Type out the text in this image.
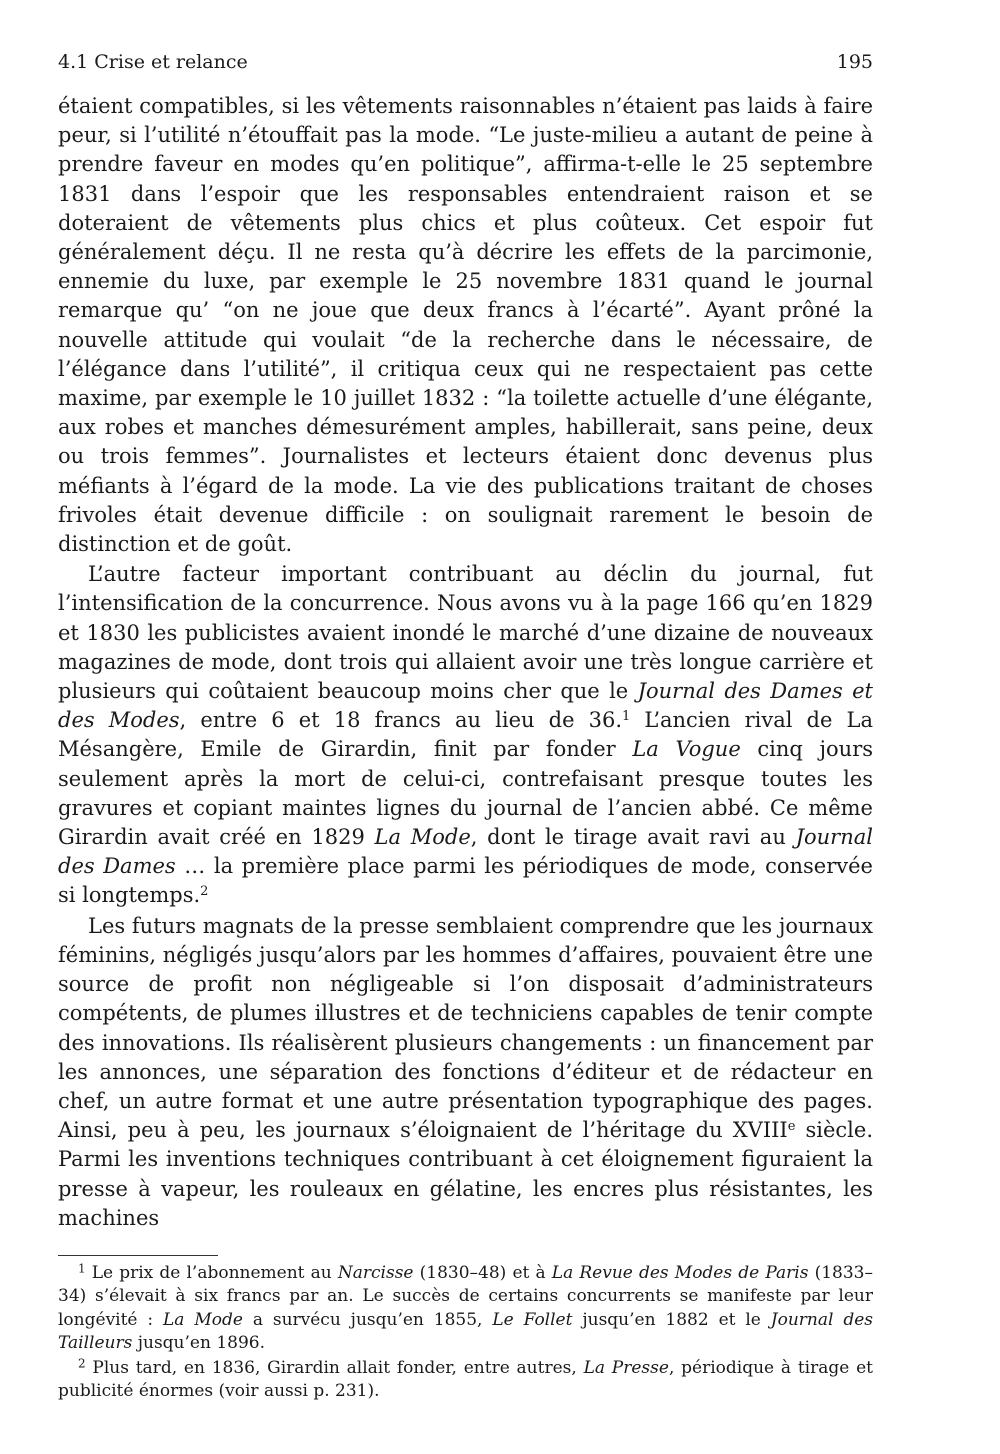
4.1 Crise et relance	195

étaient compatibles, si les vêtements raisonnables n’étaient pas laids à faire peur, si l’utilité n’étouffait pas la mode. “Le juste-milieu a autant de peine à prendre faveur en modes qu’en politique”, affirma-t-elle le 25 septembre 1831 dans l’espoir que les responsables entendraient raison et se doteraient de vêtements plus chics et plus coûteux. Cet espoir fut généralement déçu. Il ne resta qu’à décrire les effets de la parcimonie, ennemie du luxe, par exemple le 25 novembre 1831 quand le journal remarque qu’ “on ne joue que deux francs à l’écarté”. Ayant prôné la nouvelle attitude qui voulait “de la recherche dans le nécessaire, de l’élégance dans l’utilité”, il critiqua ceux qui ne respectaient pas cette maxime, par exemple le 10 juillet 1832 : “la toilette actuelle d’une élégante, aux robes et manches démesurément amples, habillerait, sans peine, deux ou trois femmes”. Journalistes et lecteurs étaient donc devenus plus méfiants à l’égard de la mode. La vie des publications traitant de choses frivoles était devenue difficile : on soulignait rarement le besoin de distinction et de goût.

L’autre facteur important contribuant au déclin du journal, fut l’intensification de la concurrence. Nous avons vu à la page 166 qu’en 1829 et 1830 les publicistes avaient inondé le marché d’une dizaine de nouveaux magazines de mode, dont trois qui allaient avoir une très longue carrière et plusieurs qui coûtaient beaucoup moins cher que le Journal des Dames et des Modes, entre 6 et 18 francs au lieu de 36.$^1$ L’ancien rival de La Mésangère, Emile de Girardin, finit par fonder La Vogue cinq jours seulement après la mort de celui-ci, contrefaisant presque toutes les gravures et copiant maintes lignes du journal de l’ancien abbé. Ce même Girardin avait créé en 1829 La Mode, dont le tirage avait ravi au Journal des Dames … la première place parmi les périodiques de mode, conservée si longtemps.$^2$

Les futurs magnats de la presse semblaient comprendre que les journaux féminins, négligés jusqu’alors par les hommes d’affaires, pouvaient être une source de profit non négligeable si l’on disposait d’administrateurs compétents, de plumes illustres et de techniciens capables de tenir compte des innovations. Ils réalisèrent plusieurs changements : un financement par les annonces, une séparation des fonctions d’éditeur et de rédacteur en chef, un autre format et une autre présentation typographique des pages. Ainsi, peu à peu, les journaux s’éloignaient de l’héritage du XVIIIe siècle. Parmi les inventions techniques contribuant à cet éloignement figuraient la presse à vapeur, les rouleaux en gélatine, les encres plus résistantes, les machines

$^1$ Le prix de l’abonnement au Narcisse (1830–48) et à La Revue des Modes de Paris (1833–34) s’élevait à six francs par an. Le succès de certains concurrents se manifeste par leur longévité : La Mode a survécu jusqu’en 1855, Le Follet jusqu’en 1882 et le Journal des Tailleurs jusqu’en 1896.

$^2$ Plus tard, en 1836, Girardin allait fonder, entre autres, La Presse, périodique à tirage et publicité énormes (voir aussi p. 231).
